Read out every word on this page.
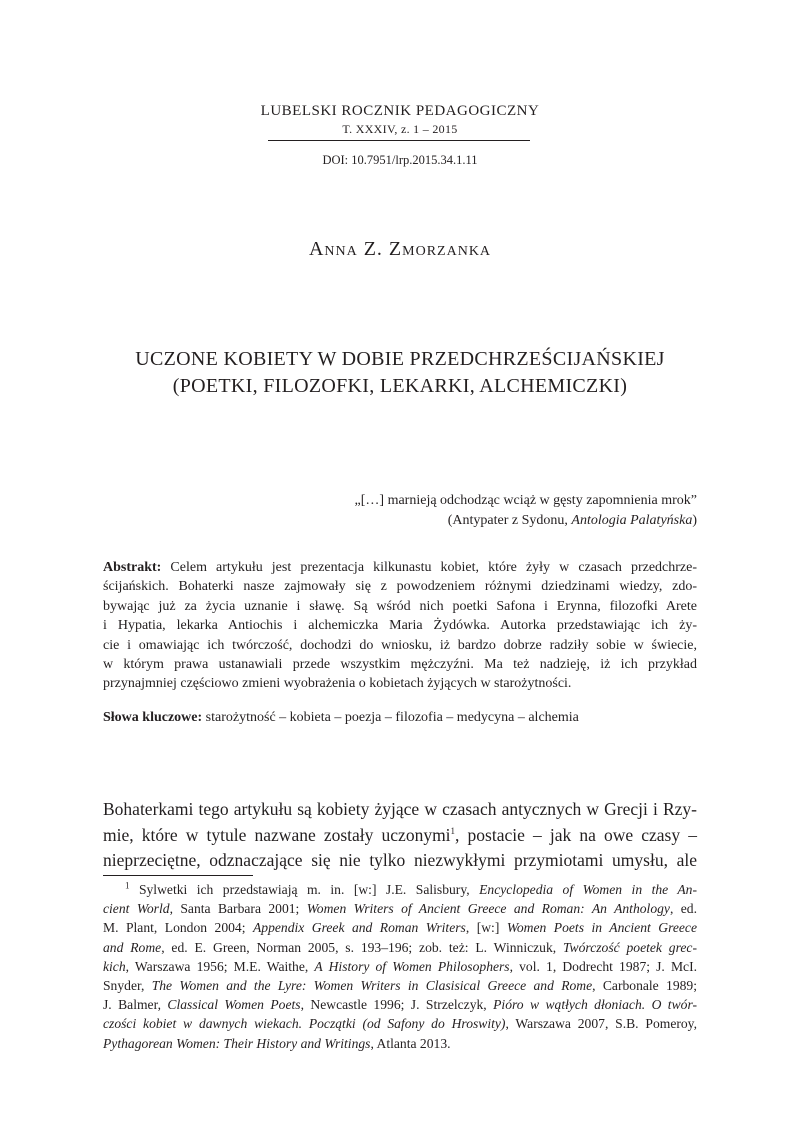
LUBELSKI ROCZNIK PEDAGOGICZNY
T. XXXIV, z. 1 – 2015
DOI: 10.7951/lrp.2015.34.1.11
Anna Z. Zmorzanka
UCZONE KOBIETY W DOBIE PRZEDCHRZEŚCIJAŃSKIEJ
(POETKI, FILOZOFKI, LEKARKI, ALCHEMICZKI)
„[…] marnieją odchodząc wciąż w gęsty zapomnienia mrok”
(Antypater z Sydonu, Antologia Palatyńska)
Abstrakt: Celem artykułu jest prezentacja kilkunastu kobiet, które żyły w czasach przedchrze-
ścijańskich. Bohaterki nasze zajmowały się z powodzeniem różnymi dziedzinami wiedzy, zdo-
bywając już za życia uznanie i sławę. Są wśród nich poetki Safona i Erynna, filozofki Arete
i Hypatia, lekarka Antiochis i alchemiczka Maria Żydówka. Autorka przedstawiając ich ży-
cie i omawiając ich twórczość, dochodzi do wniosku, iż bardzo dobrze radziły sobie w świecie,
w którym prawa ustanawiali przede wszystkim mężczyźni. Ma też nadzieję, iż ich przykład
przynajmniej częściowo zmieni wyobrażenia o kobietach żyjących w starożytności.
Słowa kluczowe: starożytność – kobieta – poezja – filozofia – medycyna – alchemia
Bohaterkami tego artykułu są kobiety żyjące w czasach antycznych w Grecji i Rzy-
mie, które w tytule nazwane zostały uczonymi$^1$, postacie – jak na owe czasy –
nieprzeciętne, odznaczające się nie tylko niezwykłymi przymiotami umysłu, ale
$^1$ Sylwetki ich przedstawiają m. in. [w:] J.E. Salisbury, Encyclopedia of Women in the An-
cient World, Santa Barbara 2001; Women Writers of Ancient Greece and Roman: An Anthology, ed.
M. Plant, London 2004; Appendix Greek and Roman Writers, [w:] Women Poets in Ancient Greece
and Rome, ed. E. Green, Norman 2005, s. 193–196; zob. też: L. Winniczuk, Twórczość poetek grec-
kich, Warszawa 1956; M.E. Waithe, A History of Women Philosophers, vol. 1, Dodrecht 1987; J. McI.
Snyder, The Women and the Lyre: Women Writers in Clasisical Greece and Rome, Carbonale 1989;
J. Balmer, Classical Women Poets, Newcastle 1996; J. Strzelczyk, Pióro w wątłych dłoniach. O twór-
czości kobiet w dawnych wiekach. Początki (od Safony do Hroswity), Warszawa 2007, S.B. Pomeroy,
Pythagorean Women: Their History and Writings, Atlanta 2013.
